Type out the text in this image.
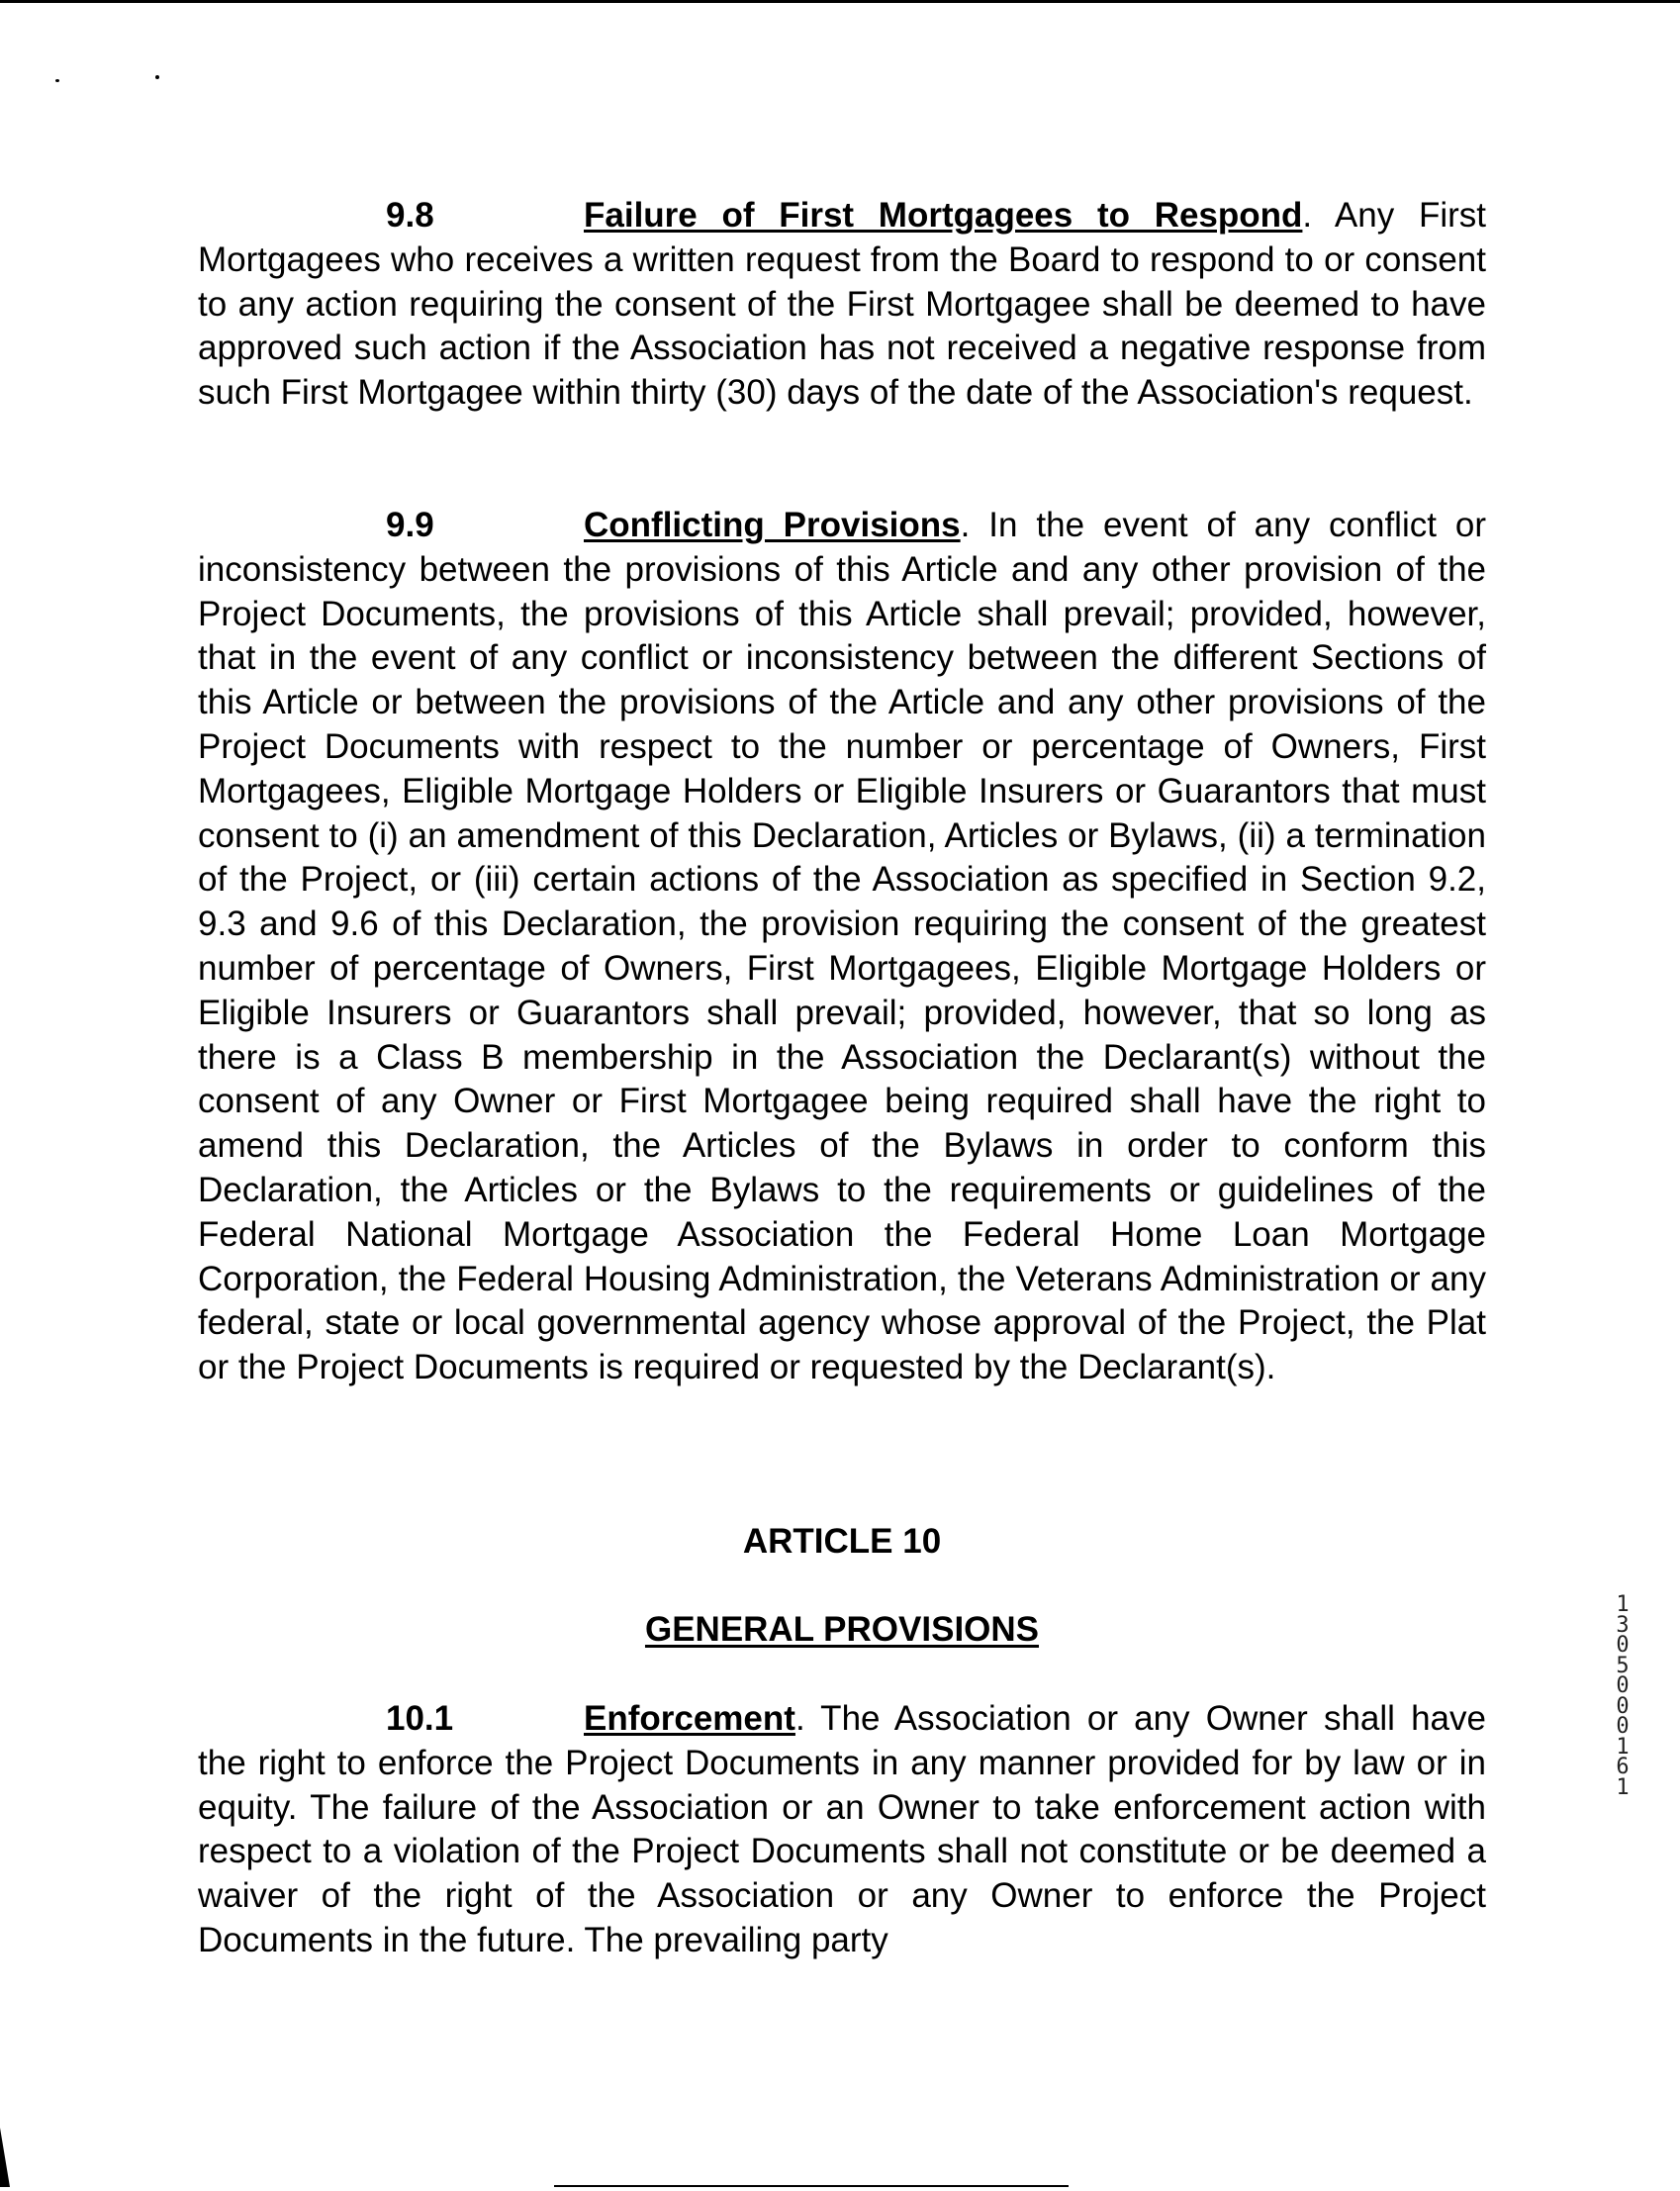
9.8	Failure of First Mortgagees to Respond. Any First Mortgagees who receives a written request from the Board to respond to or consent to any action requiring the consent of the First Mortgagee shall be deemed to have approved such action if the Association has not received a negative response from such First Mortgagee within thirty (30) days of the date of the Association's request.

9.9	Conflicting Provisions. In the event of any conflict or inconsistency between the provisions of this Article and any other provision of the Project Documents, the provisions of this Article shall prevail; provided, however, that in the event of any conflict or inconsistency between the different Sections of this Article or between the provisions of the Article and any other provisions of the Project Documents with respect to the number or percentage of Owners, First Mortgagees, Eligible Mortgage Holders or Eligible Insurers or Guarantors that must consent to (i) an amendment of this Declaration, Articles or Bylaws, (ii) a termination of the Project, or (iii) certain actions of the Association as specified in Section 9.2, 9.3 and 9.6 of this Declaration, the provision requiring the consent of the greatest number of percentage of Owners, First Mortgagees, Eligible Mortgage Holders or Eligible Insurers or Guarantors shall prevail; provided, however, that so long as there is a Class B membership in the Association the Declarant(s) without the consent of any Owner or First Mortgagee being required shall have the right to amend this Declaration, the Articles of the Bylaws in order to conform this Declaration, the Articles or the Bylaws to the requirements or guidelines of the Federal National Mortgage Association the Federal Home Loan Mortgage Corporation, the Federal Housing Administration, the Veterans Administration or any federal, state or local governmental agency whose approval of the Project, the Plat or the Project Documents is required or requested by the Declarant(s).

ARTICLE 10

GENERAL PROVISIONS

10.1	Enforcement. The Association or any Owner shall have the right to enforce the Project Documents in any manner provided for by law or in equity. The failure of the Association or an Owner to take enforcement action with respect to a violation of the Project Documents shall not constitute or be deemed a waiver of the right of the Association or any Owner to enforce the Project Documents in the future. The prevailing party

13050 00161
